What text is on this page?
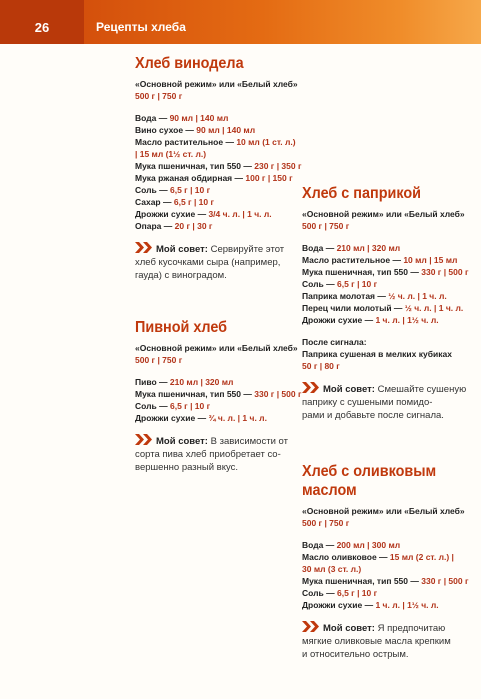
26	Рецепты хлеба
Хлеб винодела
«Основной режим» или «Белый хлеб»
500 г | 750 г
Вода — 90 мл | 140 мл
Вино сухое — 90 мл | 140 мл
Масло растительное — 10 мл (1 ст. л.)
| 15 мл (1½ ст. л.)
Мука пшеничная, тип 550 — 230 г | 350 г
Мука ржаная обдирная — 100 г | 150 г
Соль — 6,5 г | 10 г
Сахар — 6,5 г | 10 г
Дрожжи сухие — 3/4 ч. л. | 1 ч. л.
Опара — 20 г | 30 г
Мой совет: Сервируйте этот
хлеб кусочками сыра (например,
гауда) с виноградом.
Пивной хлеб
«Основной режим» или «Белый хлеб»
500 г | 750 г
Пиво — 210 мл | 320 мл
Мука пшеничная, тип 550 — 330 г | 500 г
Соль — 6,5 г | 10 г
Дрожжи сухие — ¾ ч. л. | 1 ч. л.
Мой совет: В зависимости от
сорта пива хлеб приобретает со-
вершенно разный вкус.
Хлеб с паприкой
«Основной режим» или «Белый хлеб»
500 г | 750 г
Вода — 210 мл | 320 мл
Масло растительное — 10 мл | 15 мл
Мука пшеничная, тип 550 — 330 г | 500 г
Соль — 6,5 г | 10 г
Паприка молотая — ½ ч. л. | 1 ч. л.
Перец чили молотый — ½ ч. л. | 1 ч. л.
Дрожжи сухие — 1 ч. л. | 1½ ч. л.
После сигнала:
Паприка сушеная в мелких кубиках
50 г | 80 г
Мой совет: Смешайте сушеную
паприку с сушеными помидо-
рами и добавьте после сигнала.
Хлеб с оливковым
маслом
«Основной режим» или «Белый хлеб»
500 г | 750 г
Вода — 200 мл | 300 мл
Масло оливковое — 15 мл (2 ст. л.) |
30 мл (3 ст. л.)
Мука пшеничная, тип 550 — 330 г | 500 г
Соль — 6,5 г | 10 г
Дрожжи сухие — 1 ч. л. | 1½ ч. л.
Мой совет: Я предпочитаю
мягкие оливковые масла крепким
и относительно острым.
